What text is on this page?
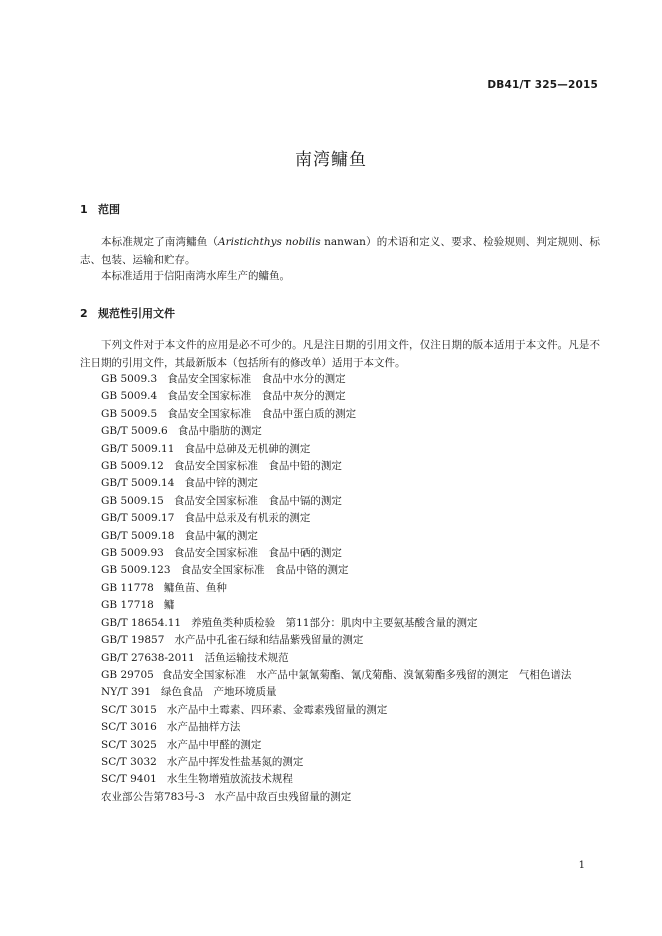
DB41/T 325—2015
南湾鳙鱼
1 范围
本标准规定了南湾鳙鱼（Aristichthys nobilis nanwan）的术语和定义、要求、检验规则、判定规则、标志、包装、运输和贮存。
本标准适用于信阳南湾水库生产的鳙鱼。
2 规范性引用文件
下列文件对于本文件的应用是必不可少的。凡是注日期的引用文件，仅注日期的版本适用于本文件。凡是不注日期的引用文件，其最新版本（包括所有的修改单）适用于本文件。
GB 5009.3 食品安全国家标准　食品中水分的测定
GB 5009.4 食品安全国家标准　食品中灰分的测定
GB 5009.5 食品安全国家标准　食品中蛋白质的测定
GB/T 5009.6 食品中脂肪的测定
GB/T 5009.11 食品中总砷及无机砷的测定
GB 5009.12 食品安全国家标准　食品中铅的测定
GB/T 5009.14 食品中锌的测定
GB 5009.15 食品安全国家标准　食品中镉的测定
GB/T 5009.17 食品中总汞及有机汞的测定
GB/T 5009.18 食品中氟的测定
GB 5009.93 食品安全国家标准　食品中硒的测定
GB 5009.123 食品安全国家标准　食品中铬的测定
GB 11778 鳙鱼苗、鱼种
GB 17718 鳙
GB/T 18654.11 养殖鱼类种质检验　第11部分：肌肉中主要氨基酸含量的测定
GB/T 19857 水产品中孔雀石绿和结晶紫残留量的测定
GB/T 27638-2011 活鱼运输技术规范
GB 29705 食品安全国家标准　水产品中氯氰菊酯、氰戊菊酯、溴氰菊酯多残留的测定　气相色谱法
NY/T 391 绿色食品　产地环境质量
SC/T 3015 水产品中土霉素、四环素、金霉素残留量的测定
SC/T 3016 水产品抽样方法
SC/T 3025 水产品中甲醛的测定
SC/T 3032 水产品中挥发性盐基氮的测定
SC/T 9401 水生生物增殖放流技术规程
农业部公告第783号-3 水产品中敌百虫残留量的测定
1
